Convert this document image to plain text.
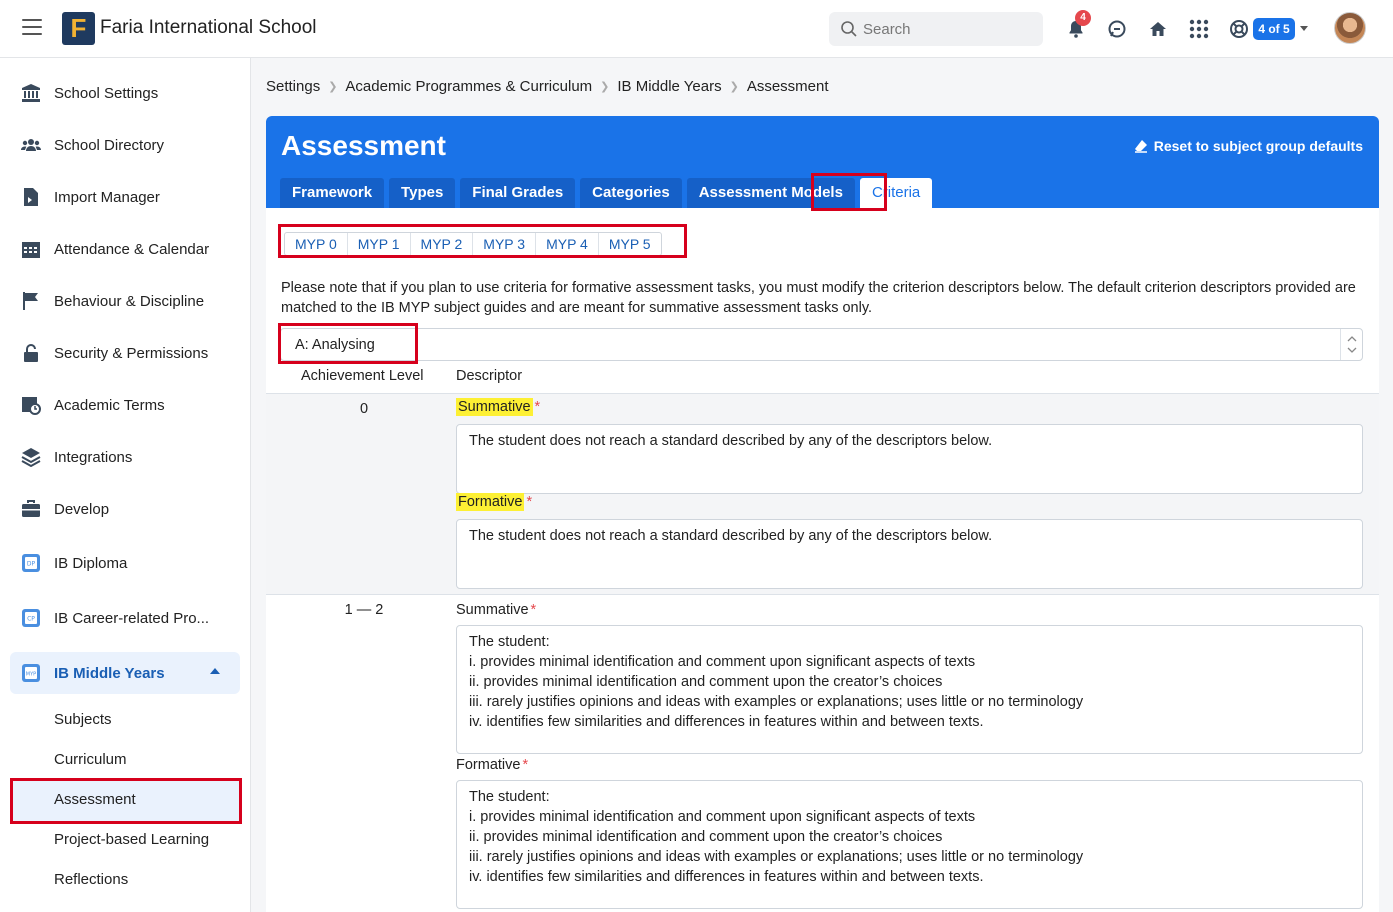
F Faria International School
Search	4
4 of 5
School Settings
School Directory
Import Manager
Attendance & Calendar
Behaviour & Discipline
Security & Permissions
Academic Terms
Integrations
Develop
DP IB Diploma
CP IB Career-related Pro...
MYP IB Middle Years
Subjects
Curriculum
Assessment
Project-based Learning
Reflections
Settings ❯ Academic Programmes & Curriculum ❯ IB Middle Years ❯ Assessment
Assessment	Reset to subject group defaults
Framework	Types	Final Grades	Categories	Assessment Models	Criteria
MYP 0	MYP 1	MYP 2	MYP 3	MYP 4	MYP 5
Please note that if you plan to use criteria for formative assessment tasks, you must modify the criterion descriptors below. The default criterion descriptors provided are matched to the IB MYP subject guides and are meant for summative assessment tasks only.
A: Analysing
Achievement Level Descriptor
0	Summative *
The student does not reach a standard described by any of the descriptors below.
Formative *
The student does not reach a standard described by any of the descriptors below.
1 — 2	Summative *
The student:
i. provides minimal identification and comment upon significant aspects of texts
ii. provides minimal identification and comment upon the creator’s choices
iii. rarely justifies opinions and ideas with examples or explanations; uses little or no terminology
iv. identifies few similarities and differences in features within and between texts.
Formative *
The student:
i. provides minimal identification and comment upon significant aspects of texts
ii. provides minimal identification and comment upon the creator’s choices
iii. rarely justifies opinions and ideas with examples or explanations; uses little or no terminology
iv. identifies few similarities and differences in features within and between texts.
